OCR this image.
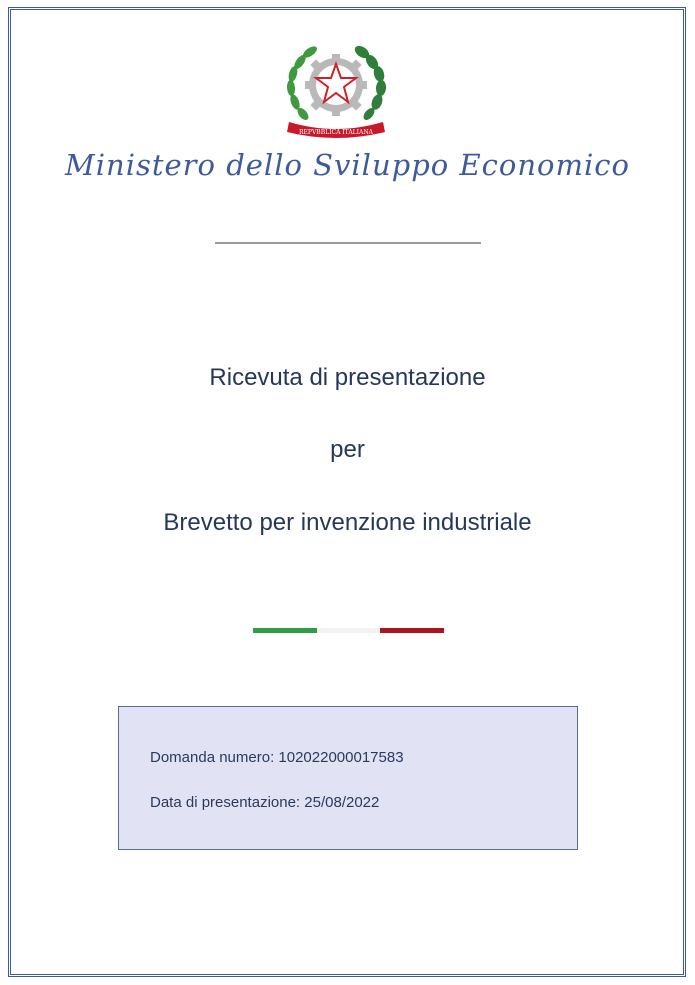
REPVBBLICA ITALIANA
Ministero dello Sviluppo Economico
Ricevuta di presentazione
per
Brevetto per invenzione industriale
Domanda numero: 102022000017583
Data di presentazione: 25/08/2022
